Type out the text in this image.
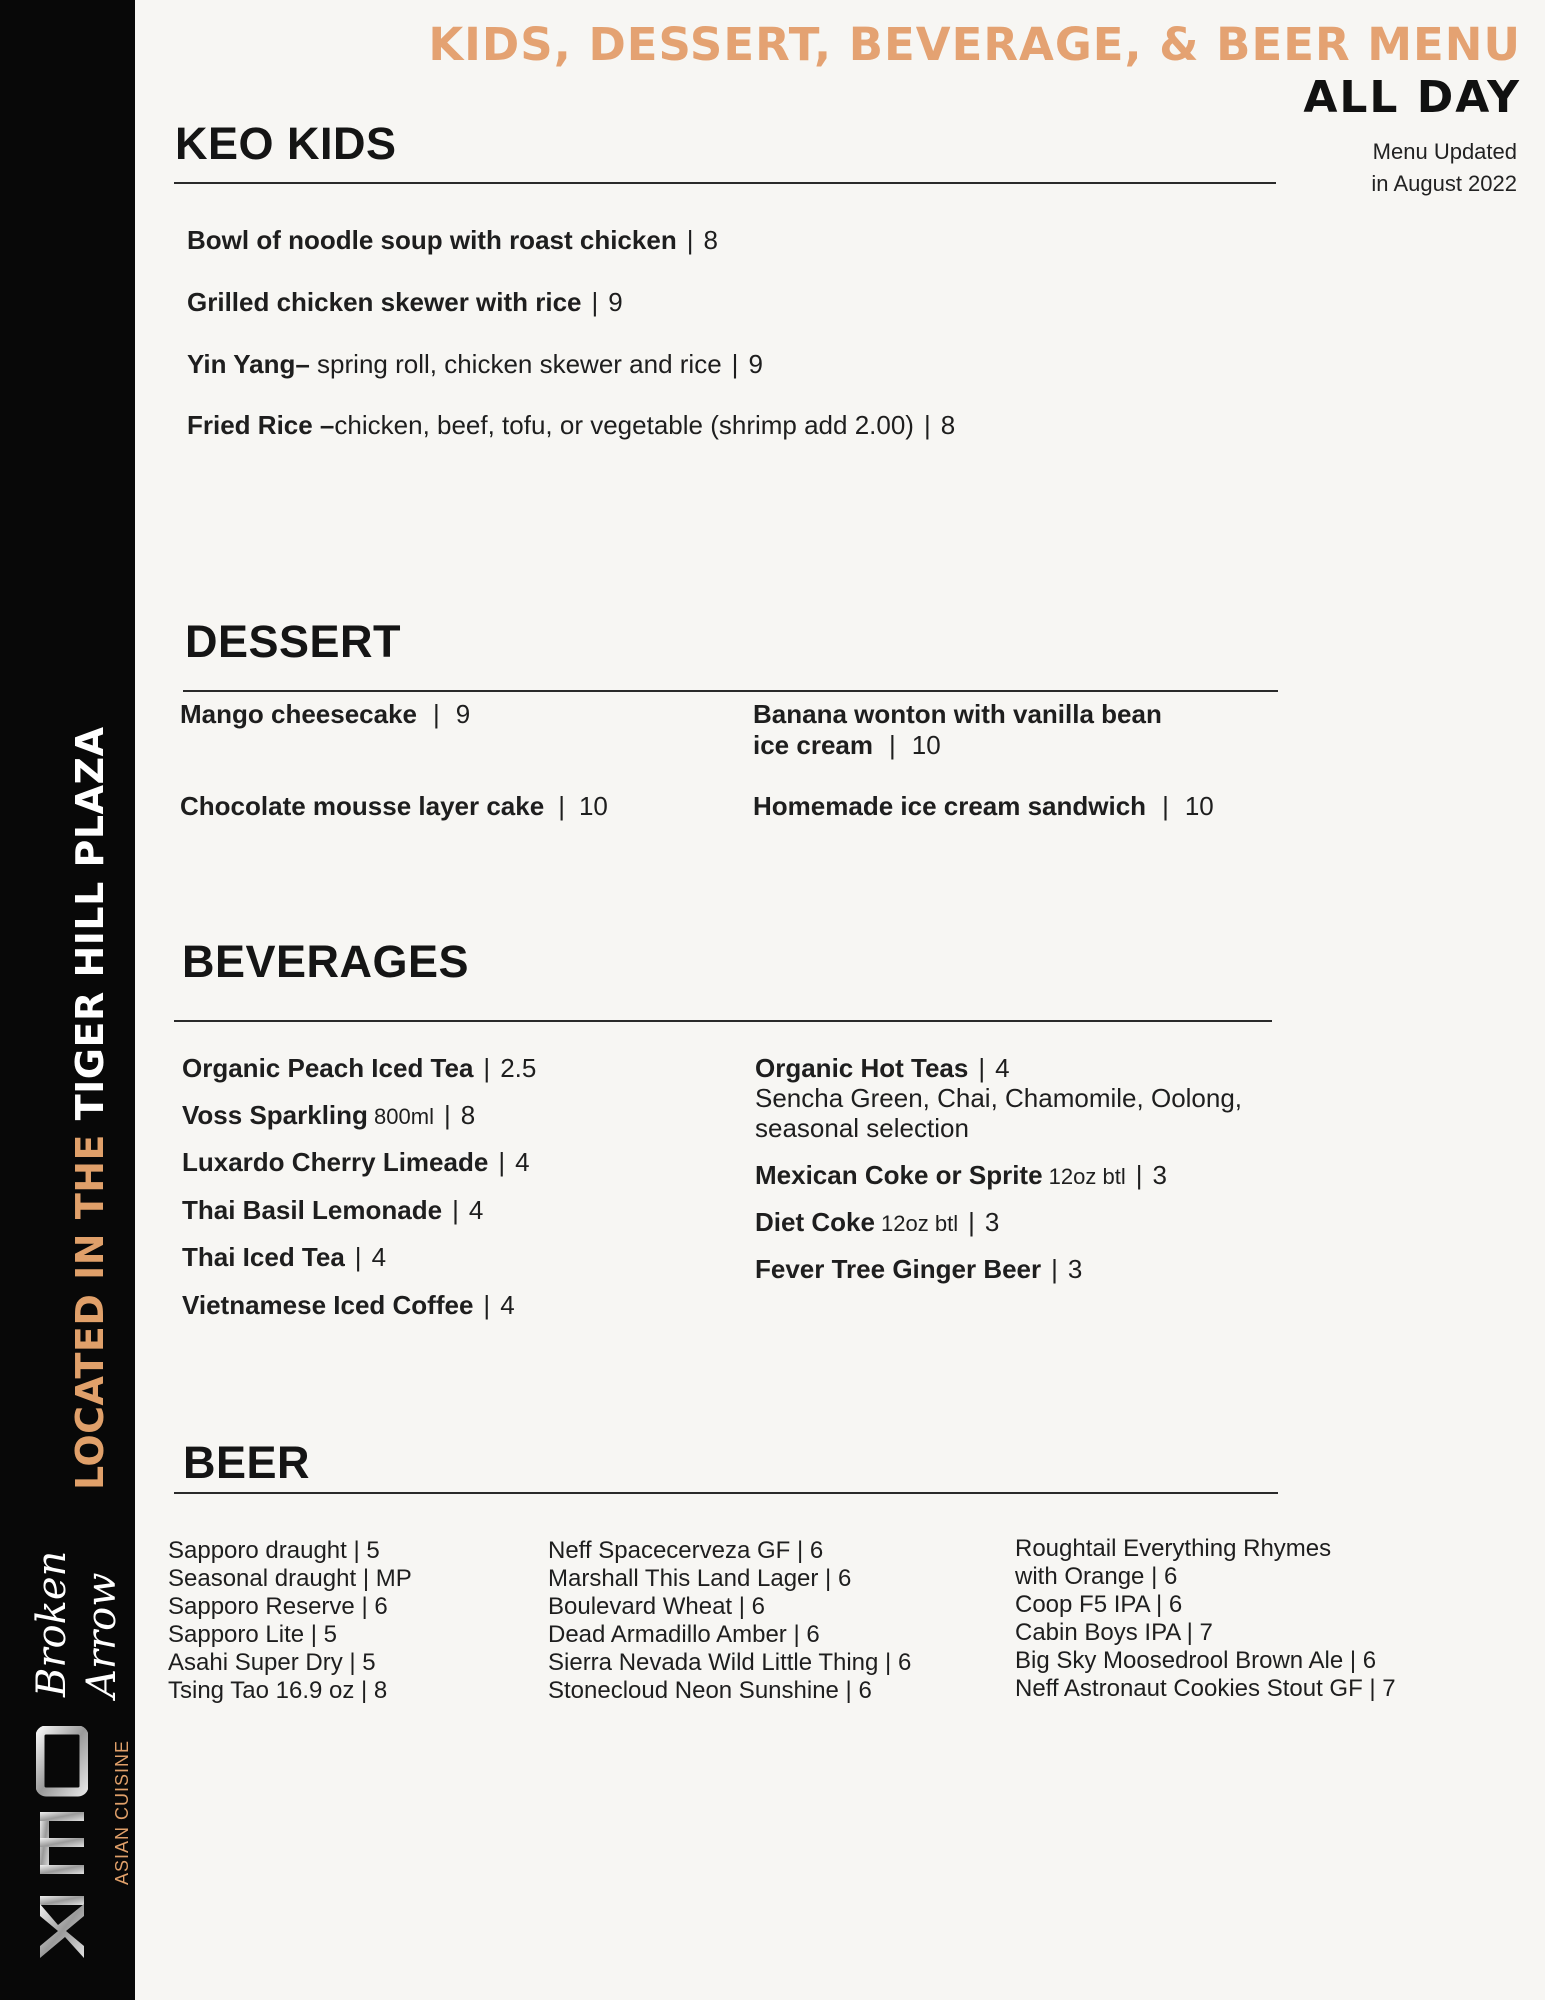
LOCATED IN THE TIGER HILL PLAZA
Broken Arrow
ASIAN CUISINE
KIDS, DESSERT, BEVERAGE, & BEER MENU
ALL DAY
Menu Updated
in August 2022
KEO KIDS
Bowl of noodle soup with roast chicken | 8
Grilled chicken skewer with rice | 9
Yin Yang– spring roll, chicken skewer and rice | 9
Fried Rice –chicken, beef, tofu, or vegetable (shrimp add 2.00) | 8
DESSERT
Mango cheesecake | 9
Chocolate mousse layer cake | 10
Banana wonton with vanilla bean
ice cream | 10
Homemade ice cream sandwich | 10
BEVERAGES
Organic Peach Iced Tea | 2.5
Voss Sparkling 800ml | 8
Luxardo Cherry Limeade | 4
Thai Basil Lemonade | 4
Thai Iced Tea | 4
Vietnamese Iced Coffee | 4
Organic Hot Teas | 4
Sencha Green, Chai, Chamomile, Oolong, seasonal selection
Mexican Coke or Sprite 12oz btl | 3
Diet Coke 12oz btl | 3
Fever Tree Ginger Beer | 3
BEER
Sapporo draught | 5
Seasonal draught | MP
Sapporo Reserve | 6
Sapporo Lite | 5
Asahi Super Dry | 5
Tsing Tao 16.9 oz | 8
Neff Spacecerveza GF | 6
Marshall This Land Lager | 6
Boulevard Wheat | 6
Dead Armadillo Amber | 6
Sierra Nevada Wild Little Thing | 6
Stonecloud Neon Sunshine | 6
Roughtail Everything Rhymes
with Orange | 6
Coop F5 IPA | 6
Cabin Boys IPA | 7
Big Sky Moosedrool Brown Ale | 6
Neff Astronaut Cookies Stout GF | 7
